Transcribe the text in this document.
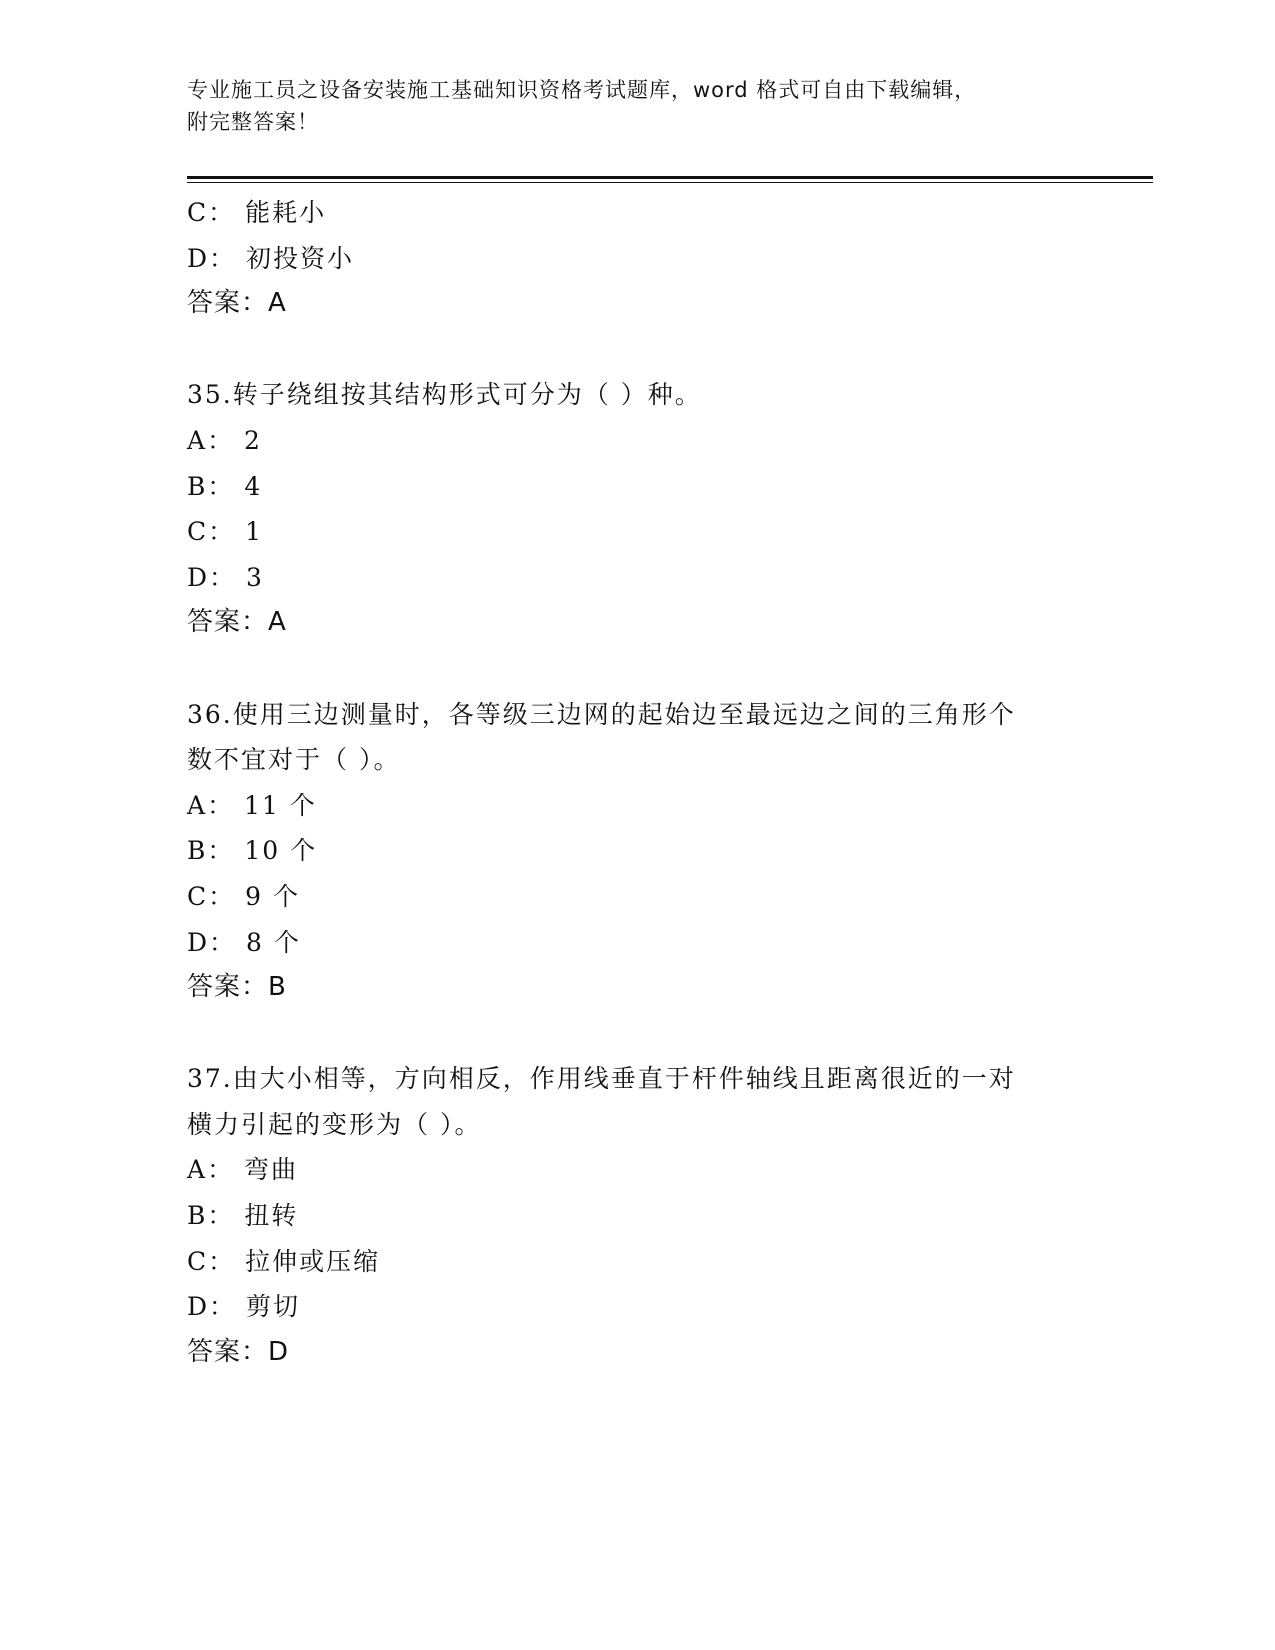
专业施工员之设备安装施工基础知识资格考试题库，word 格式可自由下载编辑，
附完整答案！
C： 能耗小
D： 初投资小
答案：A
35.转子绕组按其结构形式可分为（ ）种。
A： 2
B： 4
C： 1
D： 3
答案：A
36.使用三边测量时，各等级三边网的起始边至最远边之间的三角形个
数不宜对于（ ）。
A： 11 个
B： 10 个
C： 9 个
D： 8 个
答案：B
37.由大小相等，方向相反，作用线垂直于杆件轴线且距离很近的一对
横力引起的变形为（ ）。
A： 弯曲
B： 扭转
C： 拉伸或压缩
D： 剪切
答案：D
